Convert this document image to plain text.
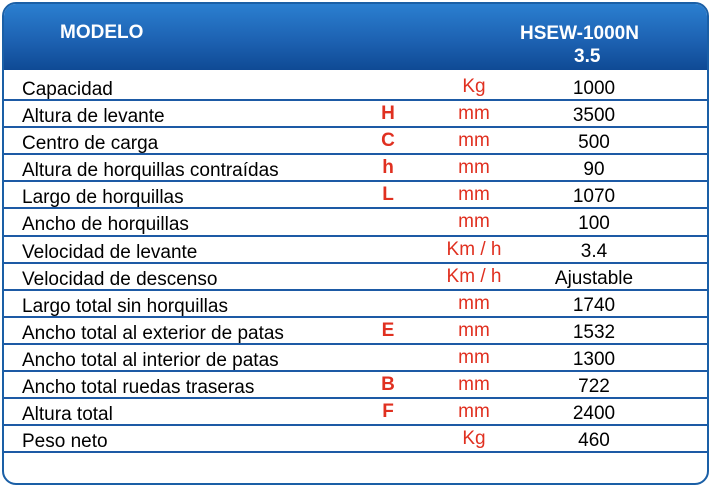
MODELO	HSEW-1000N
3.5
Capacidad	Kg	1000
Altura de levante	H	mm	3500
Centro de carga	C	mm	500
Altura de horquillas contraídas	h	mm	90
Largo de horquillas	L	mm	1070
Ancho de horquillas	mm	100
Velocidad de levante	Km / h	3.4
Velocidad de descenso	Km / h	Ajustable
Largo total sin horquillas	mm	1740
Ancho total al exterior de patas	E	mm	1532
Ancho total al interior de patas	mm	1300
Ancho total ruedas traseras	B	mm	722
Altura total	F	mm	2400
Peso neto	Kg	460
